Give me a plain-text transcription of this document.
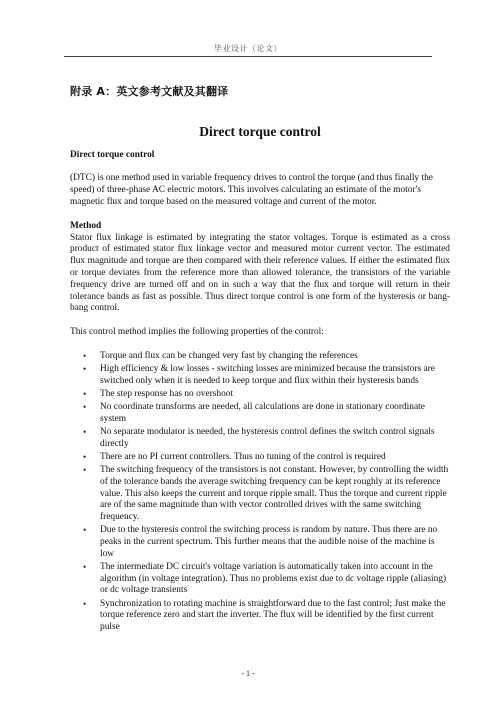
毕业设计（论文）
附录 A：英文参考文献及其翻译
Direct torque control
Direct torque control

(DTC) is one method used in variable frequency drives to control the torque (and thus finally the speed) of three-phase AC electric motors. This involves calculating an estimate of the motor's magnetic flux and torque based on the measured voltage and current of the motor.

Method

Stator flux linkage is estimated by integrating the stator voltages. Torque is estimated as a cross product of estimated stator flux linkage vector and measured motor current vector. The estimated flux magnitude and torque are then compared with their reference values. If either the estimated flux or torque deviates from the reference more than allowed tolerance, the transistors of the variable frequency drive are turned off and on in such a way that the flux and torque will return in their tolerance bands as fast as possible. Thus direct torque control is one form of the hysteresis or bang-bang control.

This control method implies the following properties of the control:

• Torque and flux can be changed very fast by changing the references
• High efficiency & low losses - switching losses are minimized because the transistors are switched only when it is needed to keep torque and flux within their hysteresis bands
• The step response has no overshoot
• No coordinate transforms are needed, all calculations are done in stationary coordinate system
• No separate modulator is needed, the hysteresis control defines the switch control signals directly
• There are no PI current controllers. Thus no tuning of the control is required
• The switching frequency of the transistors is not constant. However, by controlling the width of the tolerance bands the average switching frequency can be kept roughly at its reference value. This also keeps the current and torque ripple small. Thus the torque and current ripple are of the same magnitude than with vector controlled drives with the same switching frequency.
• Due to the hysteresis control the switching process is random by nature. Thus there are no peaks in the current spectrum. This further means that the audible noise of the machine is low
• The intermediate DC circuit's voltage variation is automatically taken into account in the algorithm (in voltage integration). Thus no problems exist due to dc voltage ripple (aliasing) or dc voltage transients
• Synchronization to rotating machine is straightforward due to the fast control; Just make the torque reference zero and start the inverter. The flux will be identified by the first current pulse
- 1 -
